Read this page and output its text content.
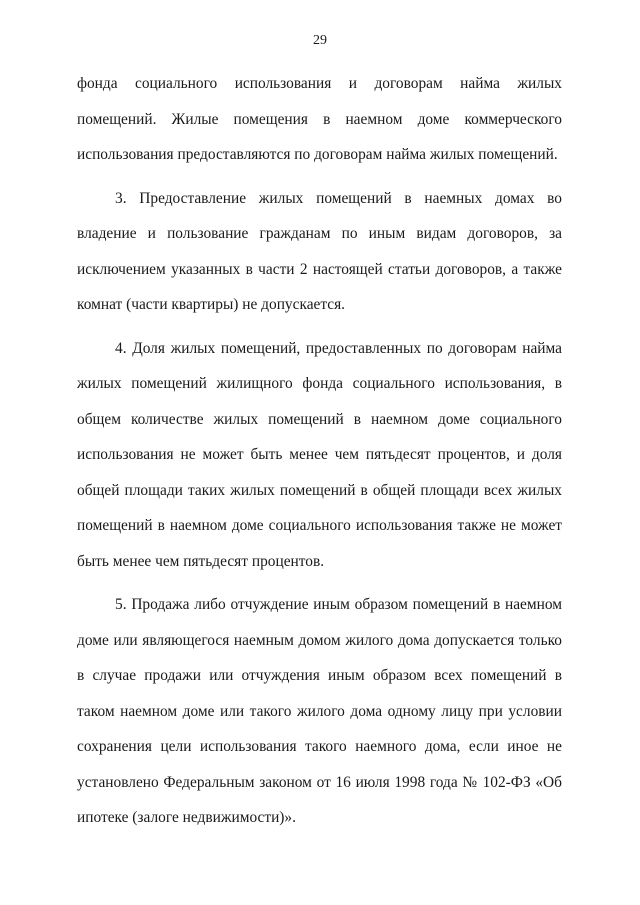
29

фонда социального использования и договорам найма жилых помещений. Жилые помещения в наемном доме коммерческого использования предоставляются по договорам найма жилых помещений.

3. Предоставление жилых помещений в наемных домах во владение и пользование гражданам по иным видам договоров, за исключением указанных в части 2 настоящей статьи договоров, а также комнат (части квартиры) не допускается.

4. Доля жилых помещений, предоставленных по договорам найма жилых помещений жилищного фонда социального использования, в общем количестве жилых помещений в наемном доме социального использования не может быть менее чем пятьдесят процентов, и доля общей площади таких жилых помещений в общей площади всех жилых помещений в наемном доме социального использования также не может быть менее чем пятьдесят процентов.

5. Продажа либо отчуждение иным образом помещений в наемном доме или являющегося наемным домом жилого дома допускается только в случае продажи или отчуждения иным образом всех помещений в таком наемном доме или такого жилого дома одному лицу при условии сохранения цели использования такого наемного дома, если иное не установлено Федеральным законом от 16 июля 1998 года № 102-ФЗ «Об ипотеке (залоге недвижимости)».
